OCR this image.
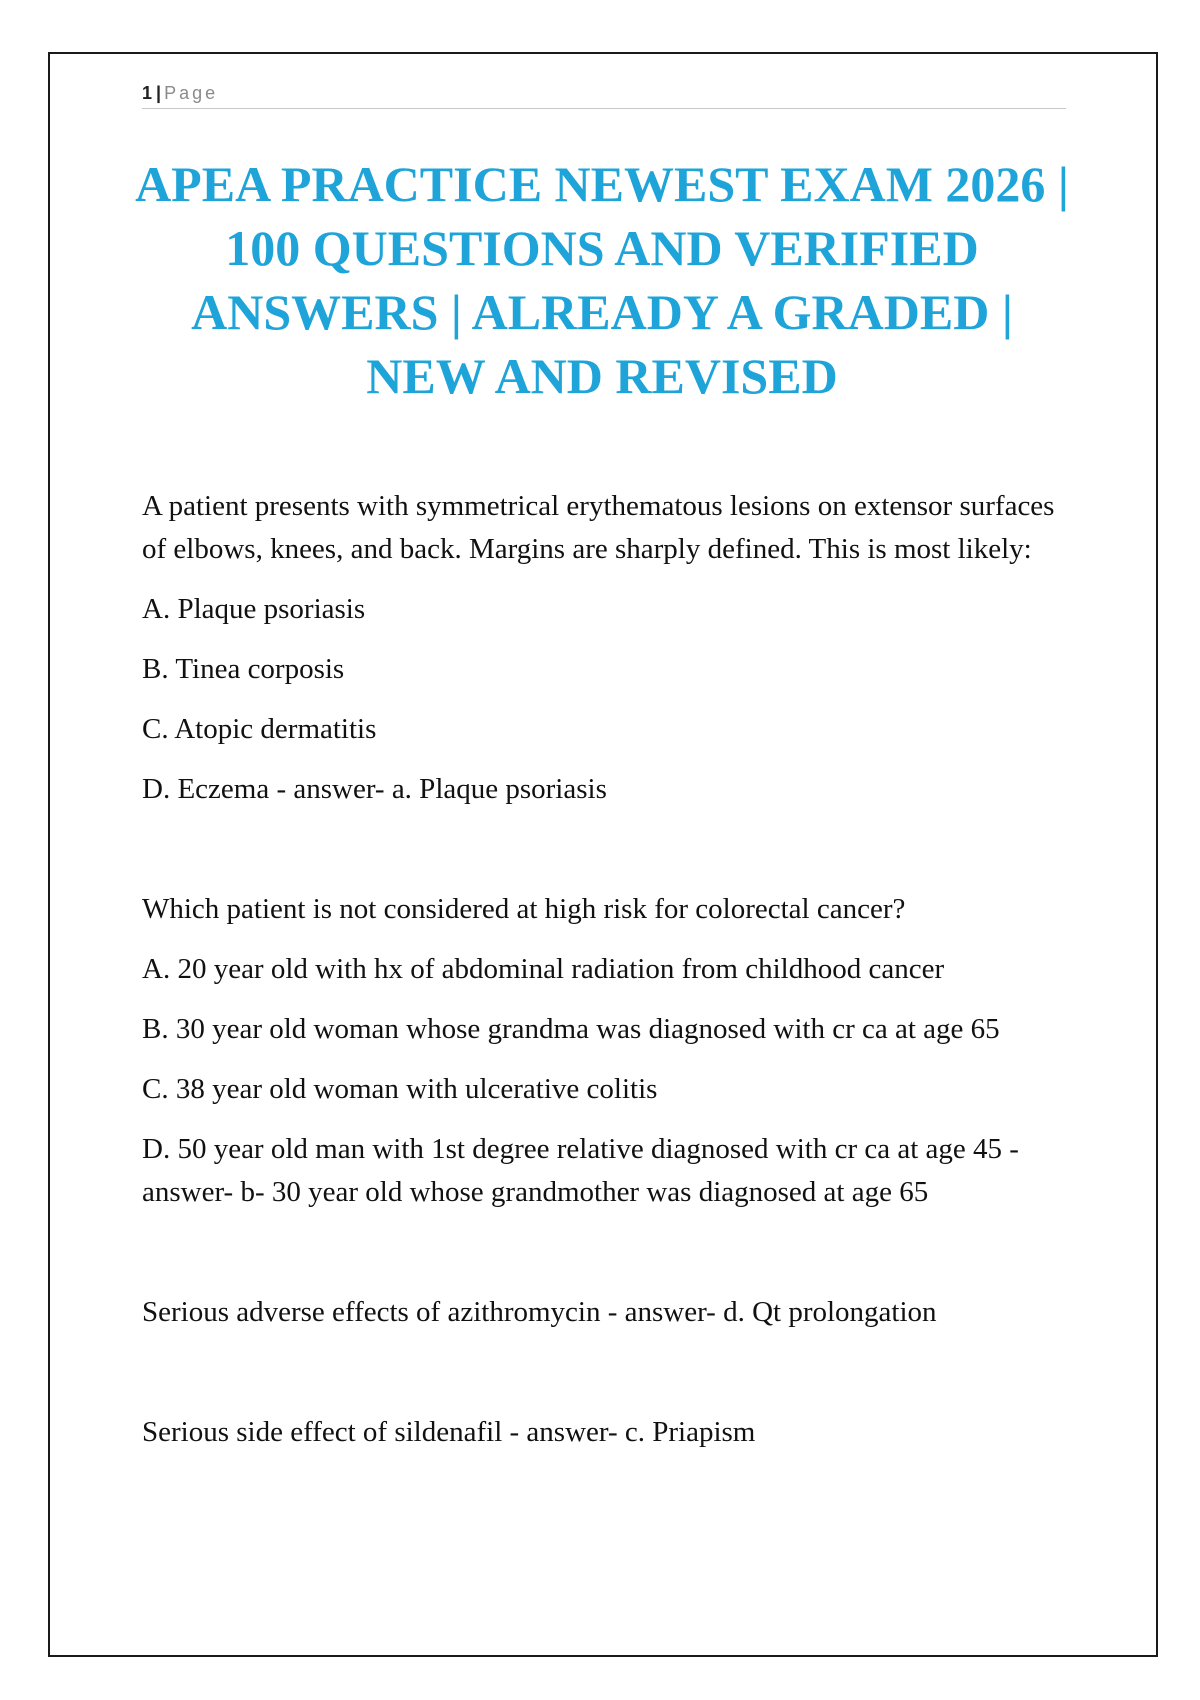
1 | Page
APEA PRACTICE NEWEST EXAM 2026 | 100 QUESTIONS AND VERIFIED ANSWERS | ALREADY A GRADED | NEW AND REVISED

A patient presents with symmetrical erythematous lesions on extensor surfaces of elbows, knees, and back. Margins are sharply defined. This is most likely:

A. Plaque psoriasis

B. Tinea corposis

C. Atopic dermatitis

D. Eczema - answer- a. Plaque psoriasis

Which patient is not considered at high risk for colorectal cancer?

A. 20 year old with hx of abdominal radiation from childhood cancer

B. 30 year old woman whose grandma was diagnosed with cr ca at age 65

C. 38 year old woman with ulcerative colitis

D. 50 year old man with 1st degree relative diagnosed with cr ca at age 45 - answer- b- 30 year old whose grandmother was diagnosed at age 65

Serious adverse effects of azithromycin - answer- d. Qt prolongation

Serious side effect of sildenafil - answer- c. Priapism
